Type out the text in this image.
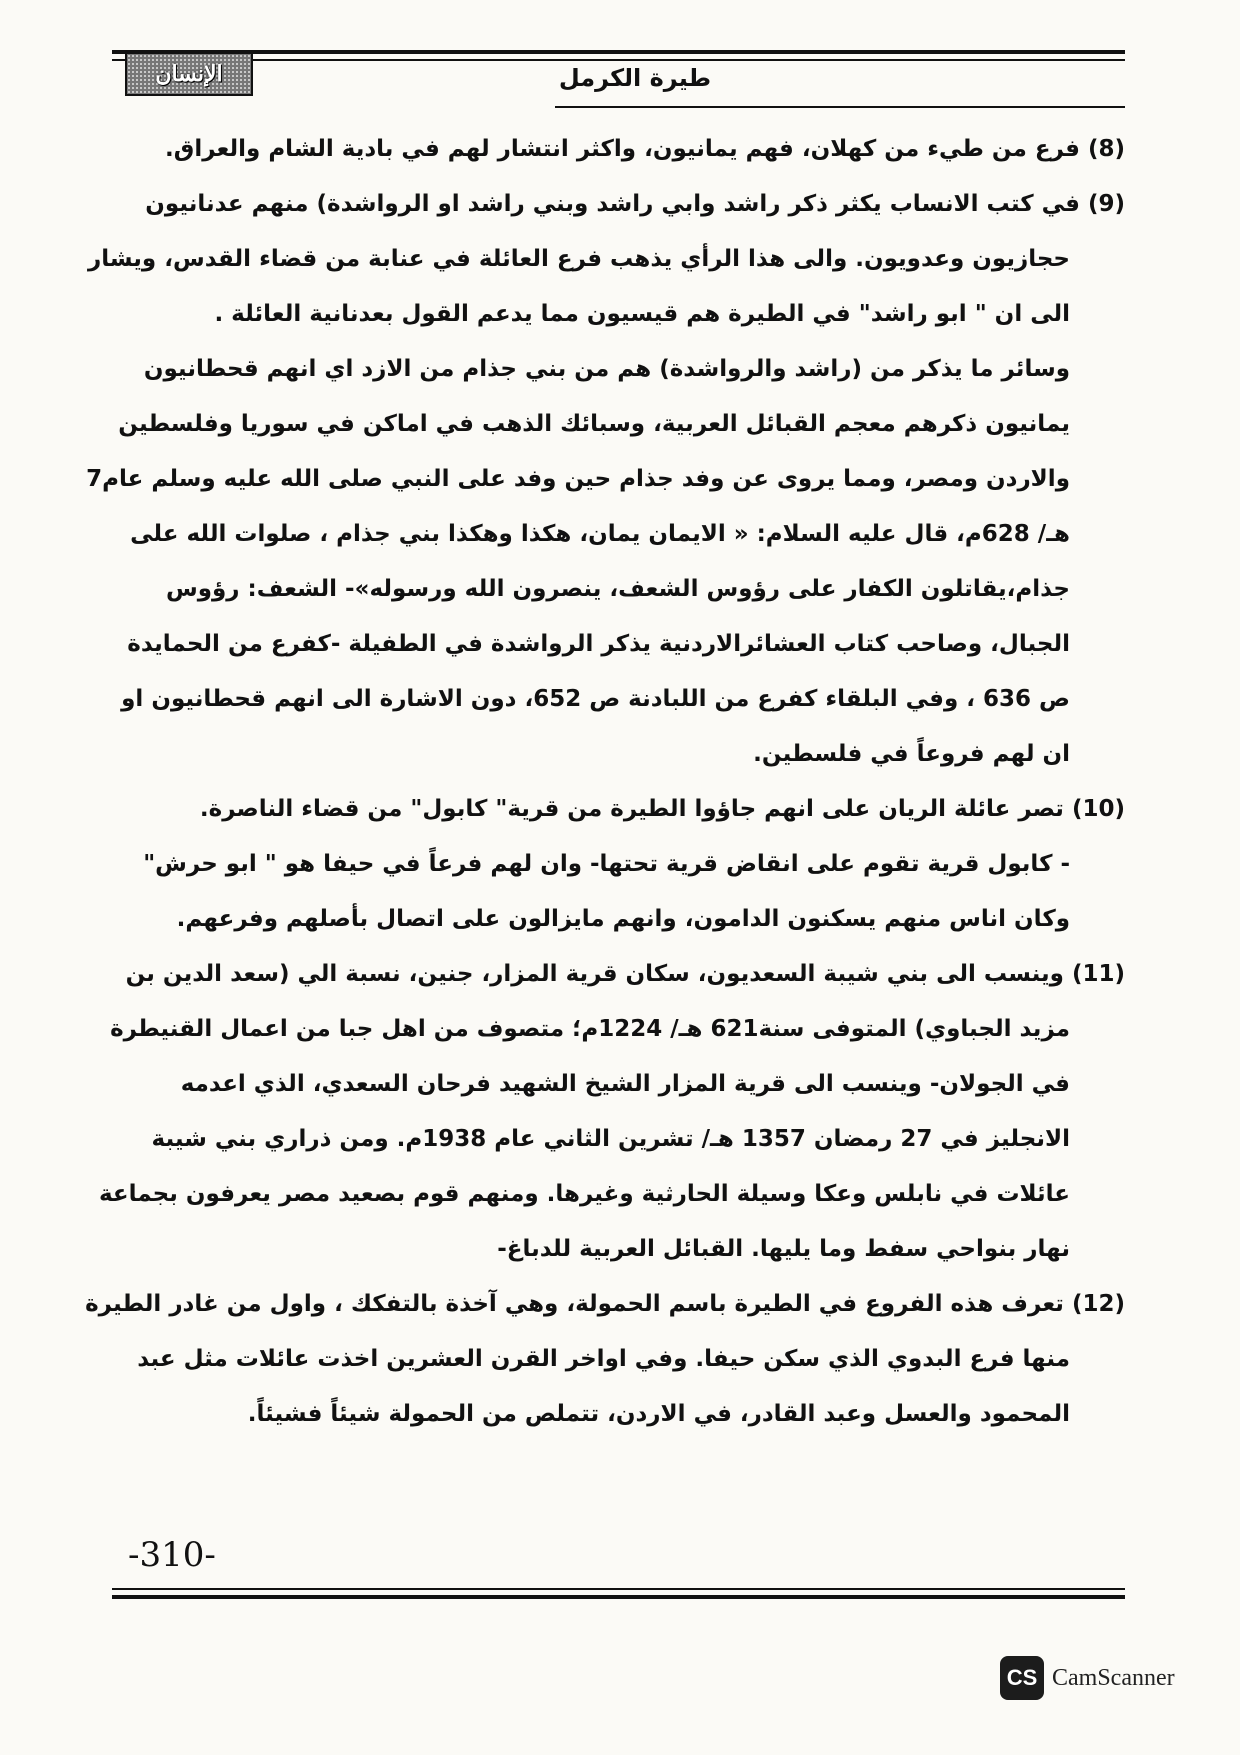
الإنسان	طيرة الكرمل
(8) فرع من طيء من كهلان، فهم يمانيون، واكثر انتشار لهم في بادية الشام والعراق.
(9) في كتب الانساب يكثر ذكر راشد وابي راشد وبني راشد او الرواشدة) منهم عدنانيون
حجازيون وعدويون. والى هذا الرأي يذهب فرع العائلة في عنابة من قضاء القدس، ويشار
الى ان " ابو راشد" في الطيرة هم قيسيون مما يدعم القول بعدنانية العائلة .
وسائر ما يذكر من (راشد والرواشدة) هم من بني جذام من الازد اي انهم قحطانيون
يمانيون ذكرهم معجم القبائل العربية، وسبائك الذهب في اماكن في سوريا وفلسطين
والاردن ومصر، ومما يروى عن وفد جذام حين وفد على النبي صلى الله عليه وسلم عام7
هـ/ 628م، قال عليه السلام: « الايمان يمان، هكذا وهكذا بني جذام ، صلوات الله على
جذام،يقاتلون الكفار على رؤوس الشعف، ينصرون الله ورسوله»- الشعف: رؤوس
الجبال، وصاحب كتاب العشائرالاردنية يذكر الرواشدة في الطفيلة -كفرع من الحمايدة
ص 636 ، وفي البلقاء كفرع من اللبادنة ص 652، دون الاشارة الى انهم قحطانيون او
ان لهم فروعاً في فلسطين.
(10) تصر عائلة الريان على انهم جاؤوا الطيرة من قرية" كابول" من قضاء الناصرة.
- كابول قرية تقوم على انقاض قرية تحتها- وان لهم فرعاً في حيفا هو " ابو حرش"
وكان اناس منهم يسكنون الدامون، وانهم مايزالون على اتصال بأصلهم وفرعهم.
(11) وينسب الى بني شيبة السعديون، سكان قرية المزار، جنين، نسبة الي (سعد الدين بن
مزيد الجباوي) المتوفى سنة621 هـ/ 1224م؛ متصوف من اهل جبا من اعمال القنيطرة
في الجولان- وينسب الى قرية المزار الشيخ الشهيد فرحان السعدي، الذي اعدمه
الانجليز في 27 رمضان 1357 هـ/ تشرين الثاني عام 1938م. ومن ذراري بني شيبة
عائلات في نابلس وعكا وسيلة الحارثية وغيرها. ومنهم قوم بصعيد مصر يعرفون بجماعة
نهار بنواحي سفط وما يليها. القبائل العربية للدباغ-
(12) تعرف هذه الفروع في الطيرة باسم الحمولة، وهي آخذة بالتفكك ، واول من غادر الطيرة
منها فرع البدوي الذي سكن حيفا. وفي اواخر القرن العشرين اخذت عائلات مثل عبد
المحمود والعسل وعبد القادر، في الاردن، تتملص من الحمولة شيئاً فشيئاً.
-310-
CS CamScanner
